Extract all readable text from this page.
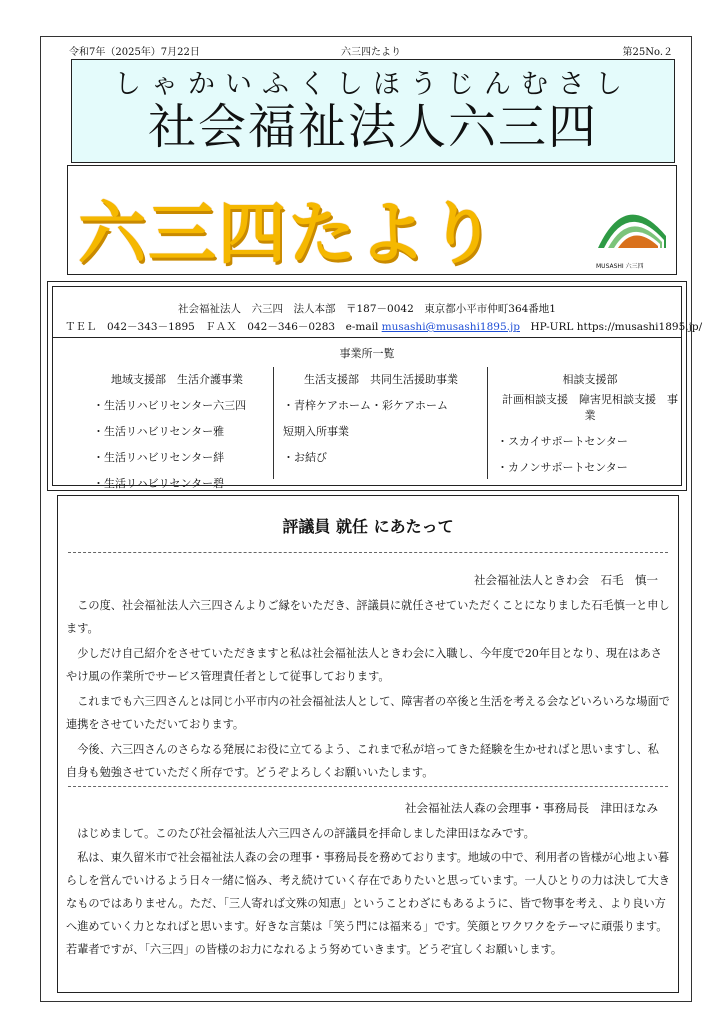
令和7年（2025年）7月22日	六三四たより	第25No.２
しゃかいふくしほうじんむさし
社会福祉法人六三四
六三四たより	MUSASHI 六三四
社会福祉法人　六三四　法人本部　〒187－0042　東京都小平市仲町364番地1
ＴＥＬ　042－343－1895　 ＦＡＸ　042－346－0283　 e-mail musashi@musashi1895.jp　 HP-URL https://musashi1895.jp/
事業所一覧
地域支援部　生活介護事業
・生活リハビリセンター六三四
・生活リハビリセンター雅
・生活リハビリセンター絆
・生活リハビリセンター碧
生活支援部　共同生活援助事業
・青梓ケアホーム・彩ケアホーム
短期入所事業
・お結び
相談支援部
計画相談支援　障害児相談支援　事業
・スカイサポートセンター
・カノンサポートセンター
評議員 就任 にあたって
社会福祉法人ときわ会　石毛　慎一
この度、社会福祉法人六三四さんよりご縁をいただき、評議員に就任させていただくことになりました石毛慎一と申します。
少しだけ自己紹介をさせていただきますと私は社会福祉法人ときわ会に入職し、今年度で20年目となり、現在はあさやけ風の作業所でサービス管理責任者として従事しております。
これまでも六三四さんとは同じ小平市内の社会福祉法人として、障害者の卒後と生活を考える会などいろいろな場面で連携をさせていただいております。
今後、六三四さんのさらなる発展にお役に立てるよう、これまで私が培ってきた経験を生かせればと思いますし、私自身も勉強させていただく所存です。どうぞよろしくお願いいたします。
社会福祉法人森の会理事・事務局長　津田ほなみ
はじめまして。このたび社会福祉法人六三四さんの評議員を拝命しました津田ほなみです。
私は、東久留米市で社会福祉法人森の会の理事・事務局長を務めております。地域の中で、利用者の皆様が心地よい暮らしを営んでいけるよう日々一緒に悩み、考え続けていく存在でありたいと思っています。一人ひとりの力は決して大きなものではありません。ただ、「三人寄れば文殊の知恵」ということわざにもあるように、皆で物事を考え、より良い方へ進めていく力となればと思います。好きな言葉は「笑う門には福来る」です。笑顔とワクワクをテーマに頑張ります。若輩者ですが、「六三四」の皆様のお力になれるよう努めていきます。どうぞ宜しくお願いします。
